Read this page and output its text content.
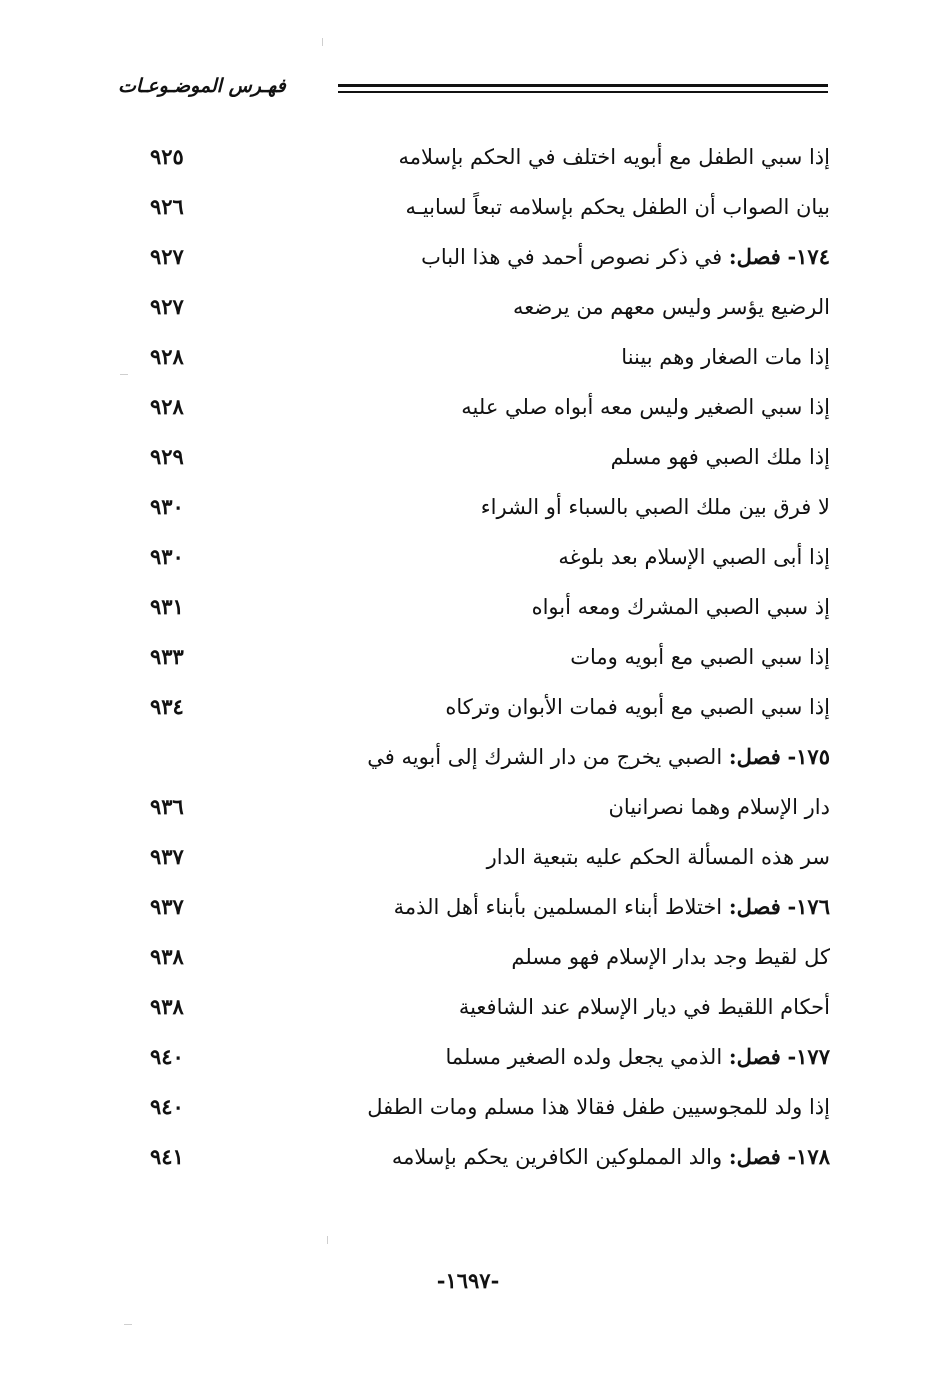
فهـرس الموضـوعـات
إذا سبي الطفل مع أبويه اختلف في الحكم بإسلامه
٩٢٥
بيان الصواب أن الطفل يحكم بإسلامه تبعاً لسابيـه
٩٢٦
١٧٤- فصل: في ذكر نصوص أحمد في هذا الباب
٩٢٧
الرضيع يؤسر وليس معهم من يرضعه
٩٢٧
إذا مات الصغار وهم بيننا
٩٢٨
إذا سبي الصغير وليس معه أبواه صلي عليه
٩٢٨
إذا ملك الصبي فهو مسلم
٩٢٩
لا فرق بين ملك الصبي بالسباء أو الشراء
٩٣٠
إذا أبى الصبي الإسلام بعد بلوغه
٩٣٠
إذ سبي الصبي المشرك ومعه أبواه
٩٣١
إذا سبي الصبي مع أبويه ومات
٩٣٣
إذا سبي الصبي مع أبويه فمات الأبوان وتركاه
٩٣٤
١٧٥- فصل: الصبي يخرج من دار الشرك إلى أبويه في
دار الإسلام وهما نصرانيان
٩٣٦
سر هذه المسألة الحكم عليه بتبعية الدار
٩٣٧
١٧٦- فصل: اختلاط أبناء المسلمين بأبناء أهل الذمة
٩٣٧
كل لقيط وجد بدار الإسلام فهو مسلم
٩٣٨
أحكام اللقيط في ديار الإسلام عند الشافعية
٩٣٨
١٧٧- فصل: الذمي يجعل ولده الصغير مسلما
٩٤٠
إذا ولد للمجوسيين طفل فقالا هذا مسلم ومات الطفل
٩٤٠
١٧٨- فصل: والد المملوكين الكافرين يحكم بإسلامه
٩٤١
-١٦٩٧-
